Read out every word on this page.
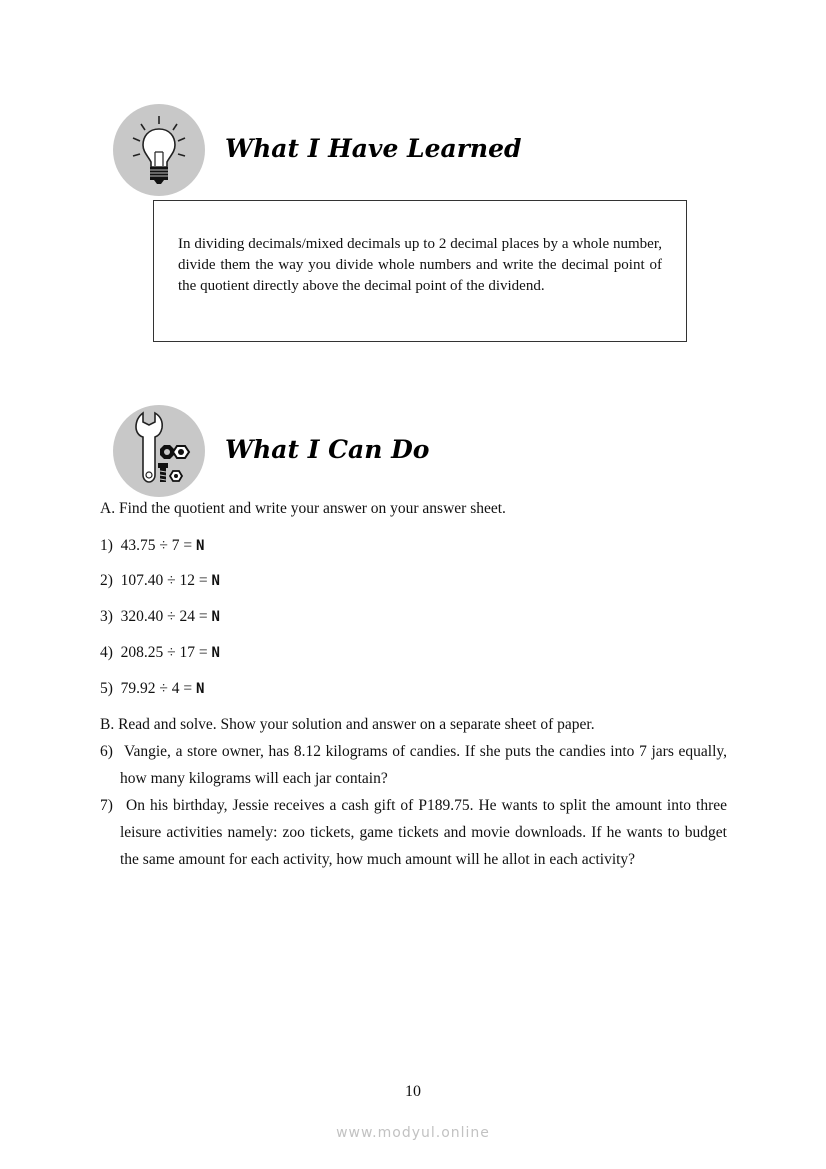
What I Have Learned
In dividing decimals/mixed decimals up to 2 decimal places by a whole number, divide them the way you divide whole numbers and write the decimal point of the quotient directly above the decimal point of the dividend.
What I Can Do
A. Find the quotient and write your answer on your answer sheet.
1) 43.75 ÷ 7 = N
2) 107.40 ÷ 12 = N
3) 320.40 ÷ 24 = N
4) 208.25 ÷ 17 = N
5) 79.92 ÷ 4 = N
B. Read and solve. Show your solution and answer on a separate sheet of paper.
6) Vangie, a store owner, has 8.12 kilograms of candies. If she puts the candies into 7 jars equally, how many kilograms will each jar contain?
7) On his birthday, Jessie receives a cash gift of P189.75. He wants to split the amount into three leisure activities namely: zoo tickets, game tickets and movie downloads. If he wants to budget the same amount for each activity, how much amount will he allot in each activity?
10
www.modyul.online
